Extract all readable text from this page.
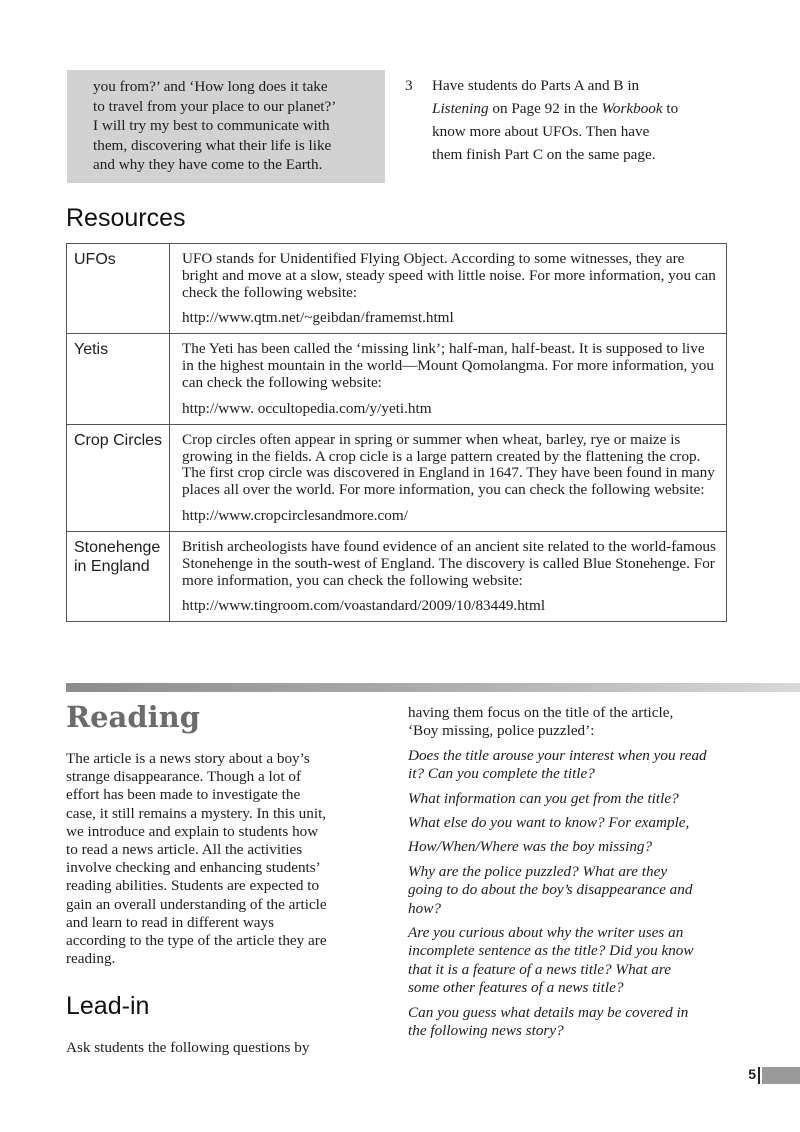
you from?’ and ‘How long does it take

to travel from your place to our planet?’

I will try my best to communicate with

them, discovering what their life is like

and why they have come to the Earth.

3 Have students do Parts A and B in
Listening on Page 92 in the Workbook to
know more about UFOs. Then have
them finish Part C on the same page.
Resources
UFOs	UFO stands for Unidentified Flying Object. According to some witnesses, they are bright and move at a slow, steady speed with little noise. For more information, you can check the following website:

http://www.qtm.net/~geibdan/framemst.html

Yetis	The Yeti has been called the ‘missing link’; half-man, half-beast. It is supposed to live in the highest mountain in the world—Mount Qomolangma. For more information, you can check the following website:

http://www. occultopedia.com/y/yeti.htm

Crop Circles	Crop circles often appear in spring or summer when wheat, barley, rye or maize is growing in the fields. A crop cicle is a large pattern created by the flattening the crop. The first crop circle was discovered in England in 1647. They have been found in many places all over the world. For more information, you can check the following website:

http://www.cropcirclesandmore.com/

Stonehenge in England	British archeologists have found evidence of an ancient site related to the world-famous Stonehenge in the south-west of England. The discovery is called Blue Stonehenge. For more information, you can check the following website:

http://www.tingroom.com/voastandard/2009/10/83449.html

Reading
The article is a news story about a boy’s
strange disappearance. Though a lot of
effort has been made to investigate the
case, it still remains a mystery. In this unit,
we introduce and explain to students how
to read a news article. All the activities
involve checking and enhancing students’
reading abilities. Students are expected to
gain an overall understanding of the article
and learn to read in different ways
according to the type of the article they are
reading.
Lead-in
Ask students the following questions by
having them focus on the title of the article,
‘Boy missing, police puzzled’:
Does the title arouse your interest when you read
it? Can you complete the title?
What information can you get from the title?
What else do you want to know? For example,
How/When/Where was the boy missing?
Why are the police puzzled? What are they
going to do about the boy’s disappearance and
how?
Are you curious about why the writer uses an
incomplete sentence as the title? Did you know
that it is a feature of a news title? What are
some other features of a news title?
Can you guess what details may be covered in
the following news story?
5
